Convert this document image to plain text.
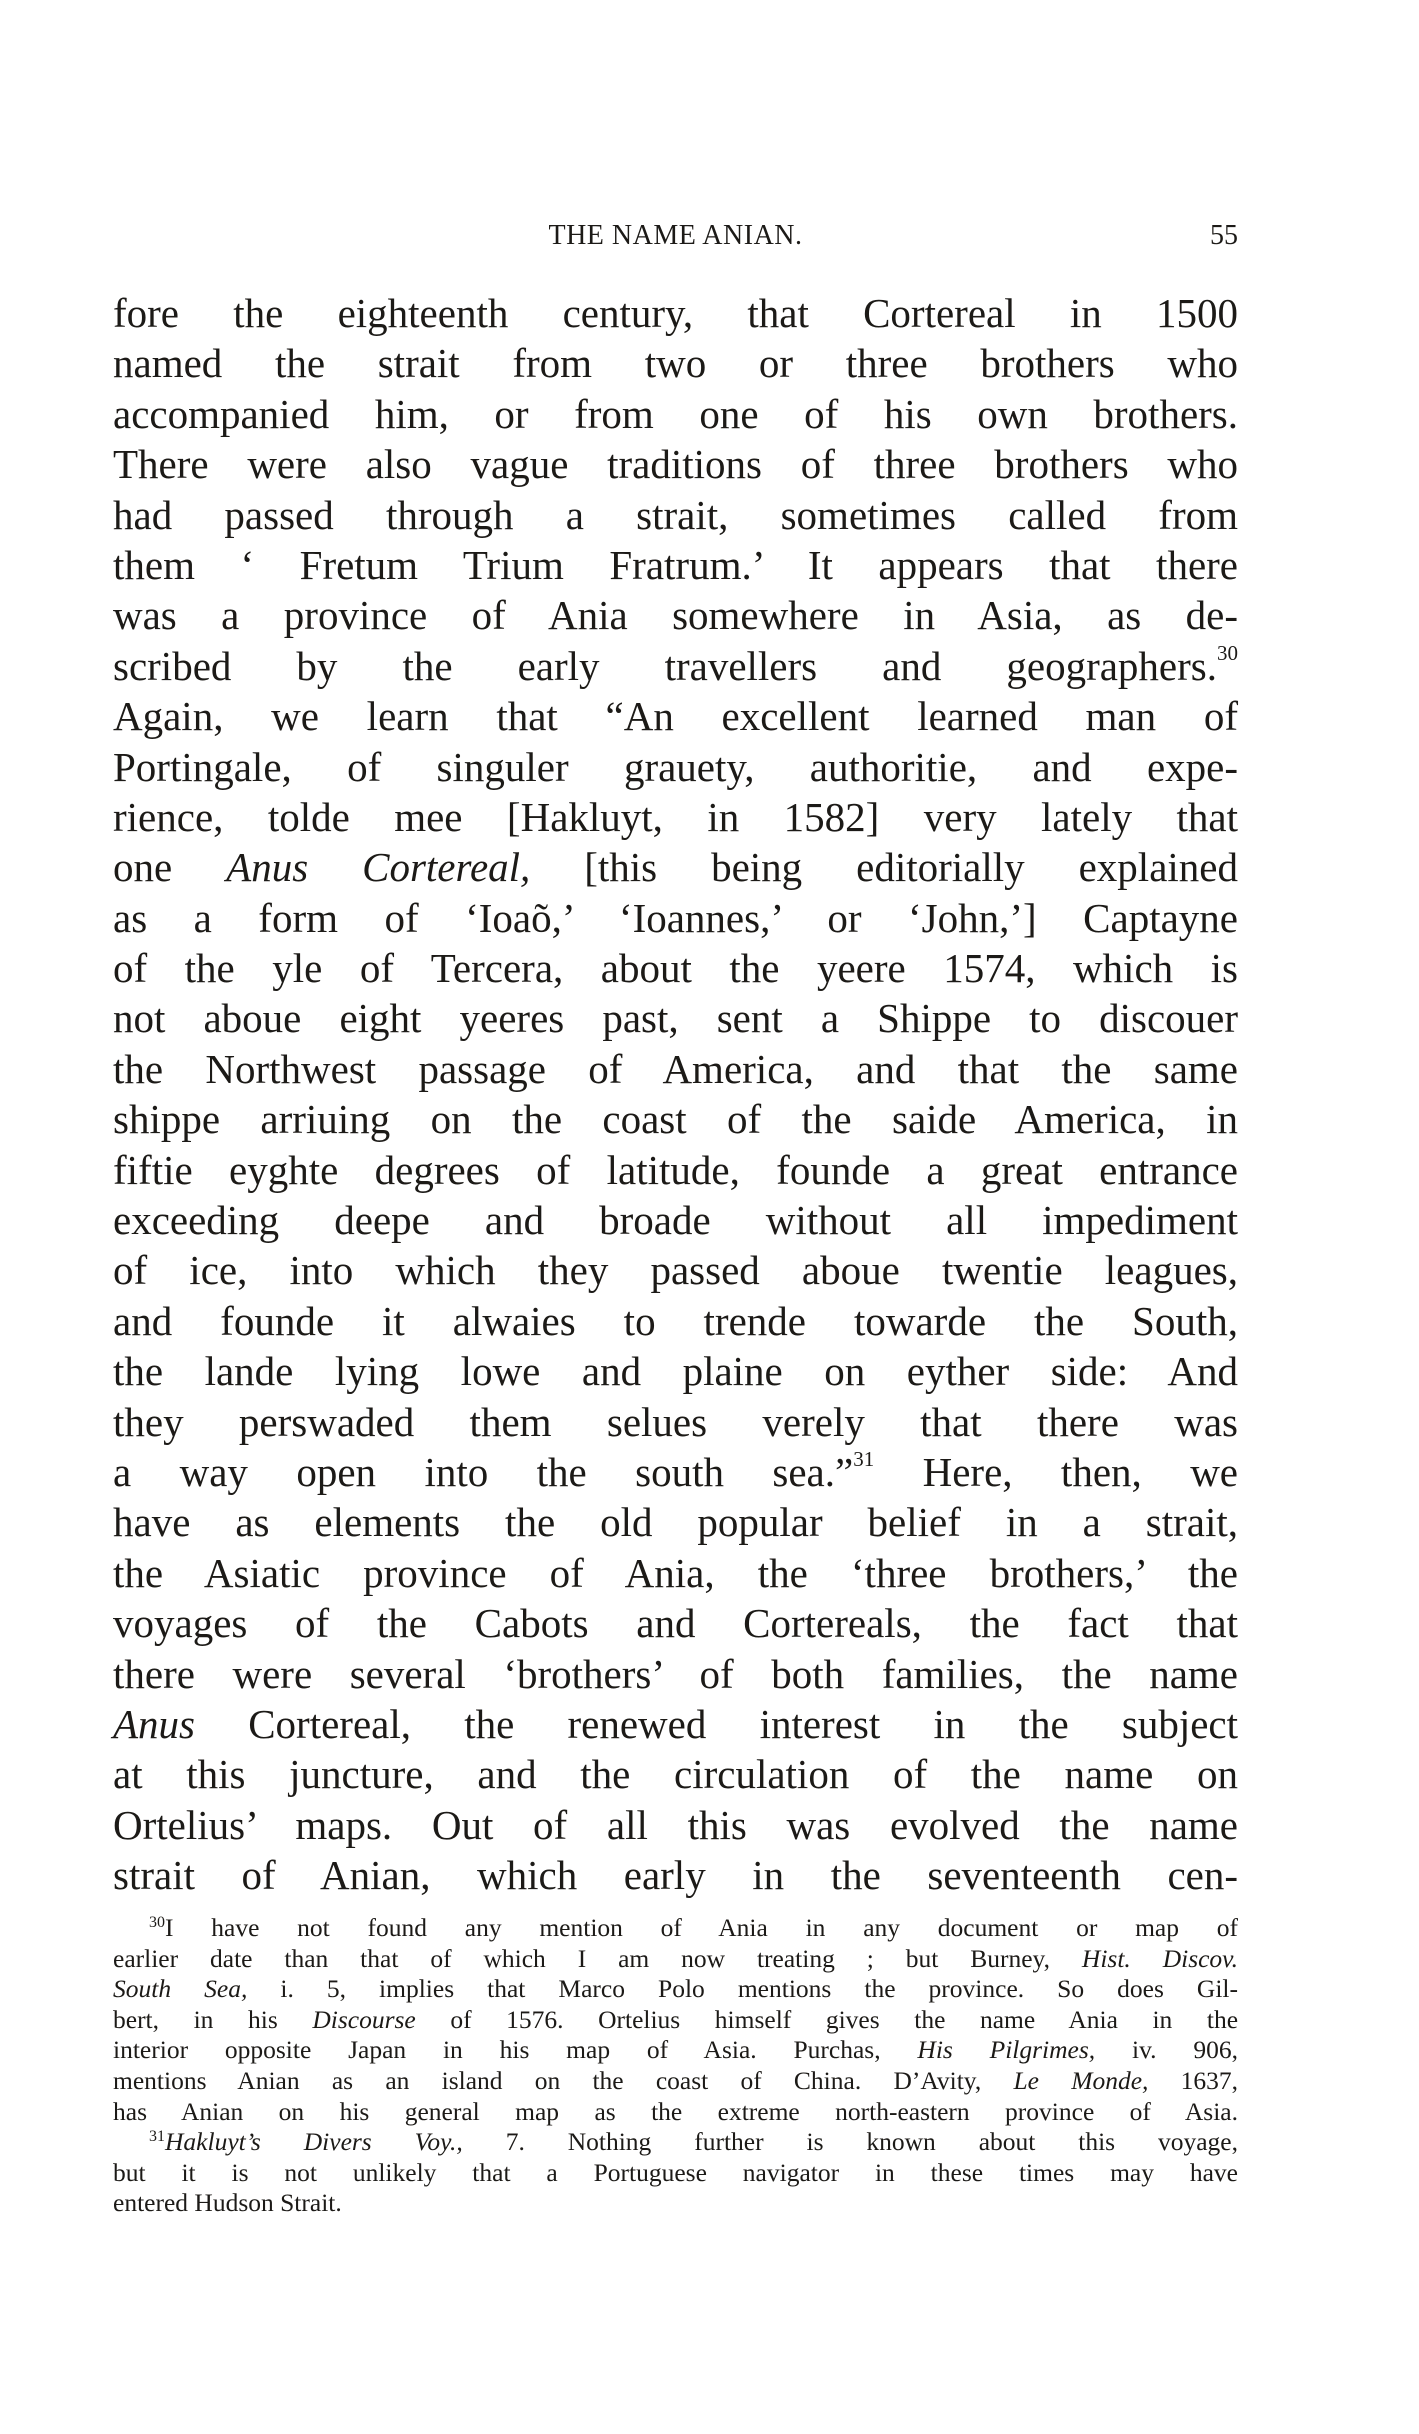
THE NAME ANIAN.	55
fore the eighteenth century, that Cortereal in 1500
named the strait from two or three brothers who
accompanied him, or from one of his own brothers.
There were also vague traditions of three brothers who
had passed through a strait, sometimes called from
them ‘ Fretum Trium Fratrum.’ It appears that there
was a province of Ania somewhere in Asia, as de-
scribed by the early travellers and geographers.$^{30}$
Again, we learn that “An excellent learned man of
Portingale, of singuler grauety, authoritie, and expe-
rience, tolde mee [Hakluyt, in 1582] very lately that
one Anus Cortereal, [this being editorially explained
as a form of ‘Ioaõ,’ ‘Ioannes,’ or ‘John,’] Captayne
of the yle of Tercera, about the yeere 1574, which is
not aboue eight yeeres past, sent a Shippe to discouer
the Northwest passage of America, and that the same
shippe arriuing on the coast of the saide America, in
fiftie eyghte degrees of latitude, founde a great entrance
exceeding deepe and broade without all impediment
of ice, into which they passed aboue twentie leagues,
and founde it alwaies to trende towarde the South,
the lande lying lowe and plaine on eyther side: And
they perswaded them selues verely that there was
a way open into the south sea.”$^{31}$ Here, then, we
have as elements the old popular belief in a strait,
the Asiatic province of Ania, the ‘three brothers,’ the
voyages of the Cabots and Cortereals, the fact that
there were several ‘brothers’ of both families, the name
Anus Cortereal, the renewed interest in the subject
at this juncture, and the circulation of the name on
Ortelius’ maps. Out of all this was evolved the name
strait of Anian, which early in the seventeenth cen-
$^{30}$I have not found any mention of Ania in any document or map of
earlier date than that of which I am now treating ; but Burney, Hist. Discov.
South Sea, i. 5, implies that Marco Polo mentions the province. So does Gil-
bert, in his Discourse of 1576. Ortelius himself gives the name Ania in the
interior opposite Japan in his map of Asia. Purchas, His Pilgrimes, iv. 906,
mentions Anian as an island on the coast of China. D’Avity, Le Monde, 1637,
has Anian on his general map as the extreme north-eastern province of Asia.
$^{31}$Hakluyt’s Divers Voy., 7. Nothing further is known about this voyage,
but it is not unlikely that a Portuguese navigator in these times may have
entered Hudson Strait.
